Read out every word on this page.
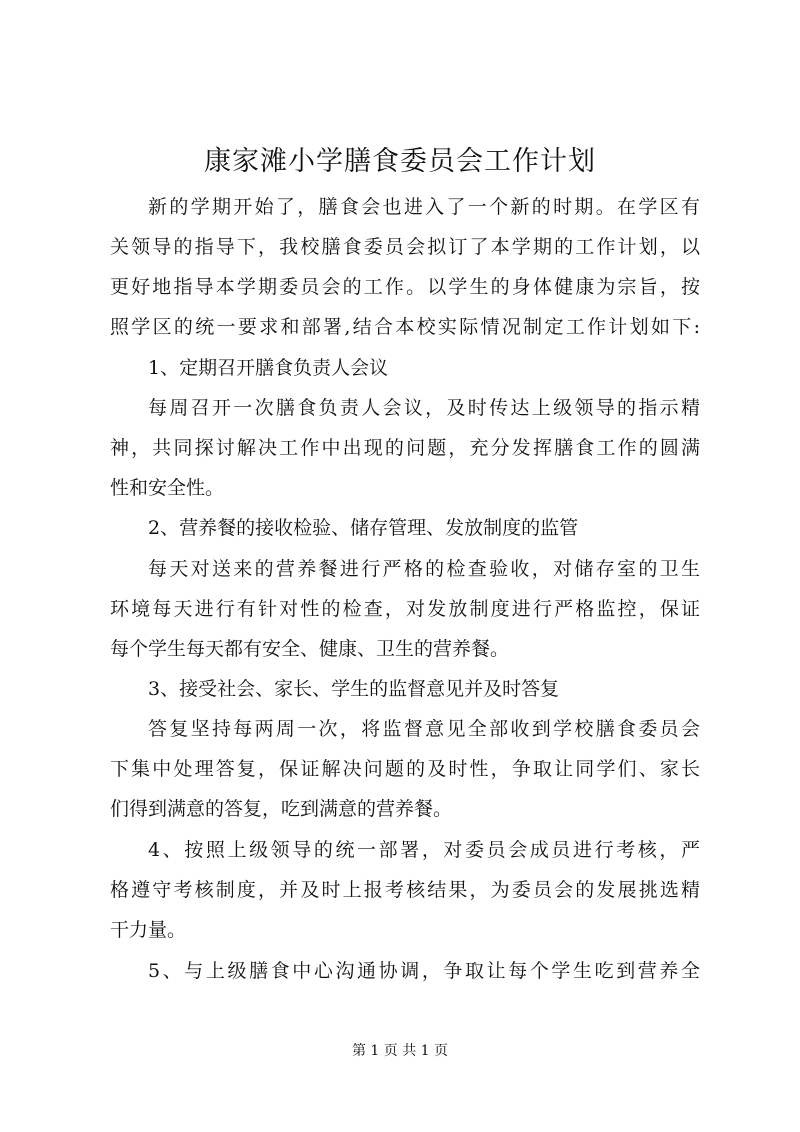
康家滩小学膳食委员会工作计划
新的学期开始了，膳食会也进入了一个新的时期。在学区有
关领导的指导下，我校膳食委员会拟订了本学期的工作计划，以
更好地指导本学期委员会的工作。以学生的身体健康为宗旨，按
照学区的统一要求和部署,结合本校实际情况制定工作计划如下:
1、定期召开膳食负责人会议
每周召开一次膳食负责人会议，及时传达上级领导的指示精
神，共同探讨解决工作中出现的问题，充分发挥膳食工作的圆满
性和安全性。
2、营养餐的接收检验、储存管理、发放制度的监管
每天对送来的营养餐进行严格的检查验收，对储存室的卫生
环境每天进行有针对性的检查，对发放制度进行严格监控，保证
每个学生每天都有安全、健康、卫生的营养餐。
3、接受社会、家长、学生的监督意见并及时答复
答复坚持每两周一次，将监督意见全部收到学校膳食委员会
下集中处理答复，保证解决问题的及时性，争取让同学们、家长
们得到满意的答复，吃到满意的营养餐。
4、按照上级领导的统一部署，对委员会成员进行考核，严
格遵守考核制度，并及时上报考核结果，为委员会的发展挑选精
干力量。
5、与上级膳食中心沟通协调，争取让每个学生吃到营养全
第 1 页 共 1 页
